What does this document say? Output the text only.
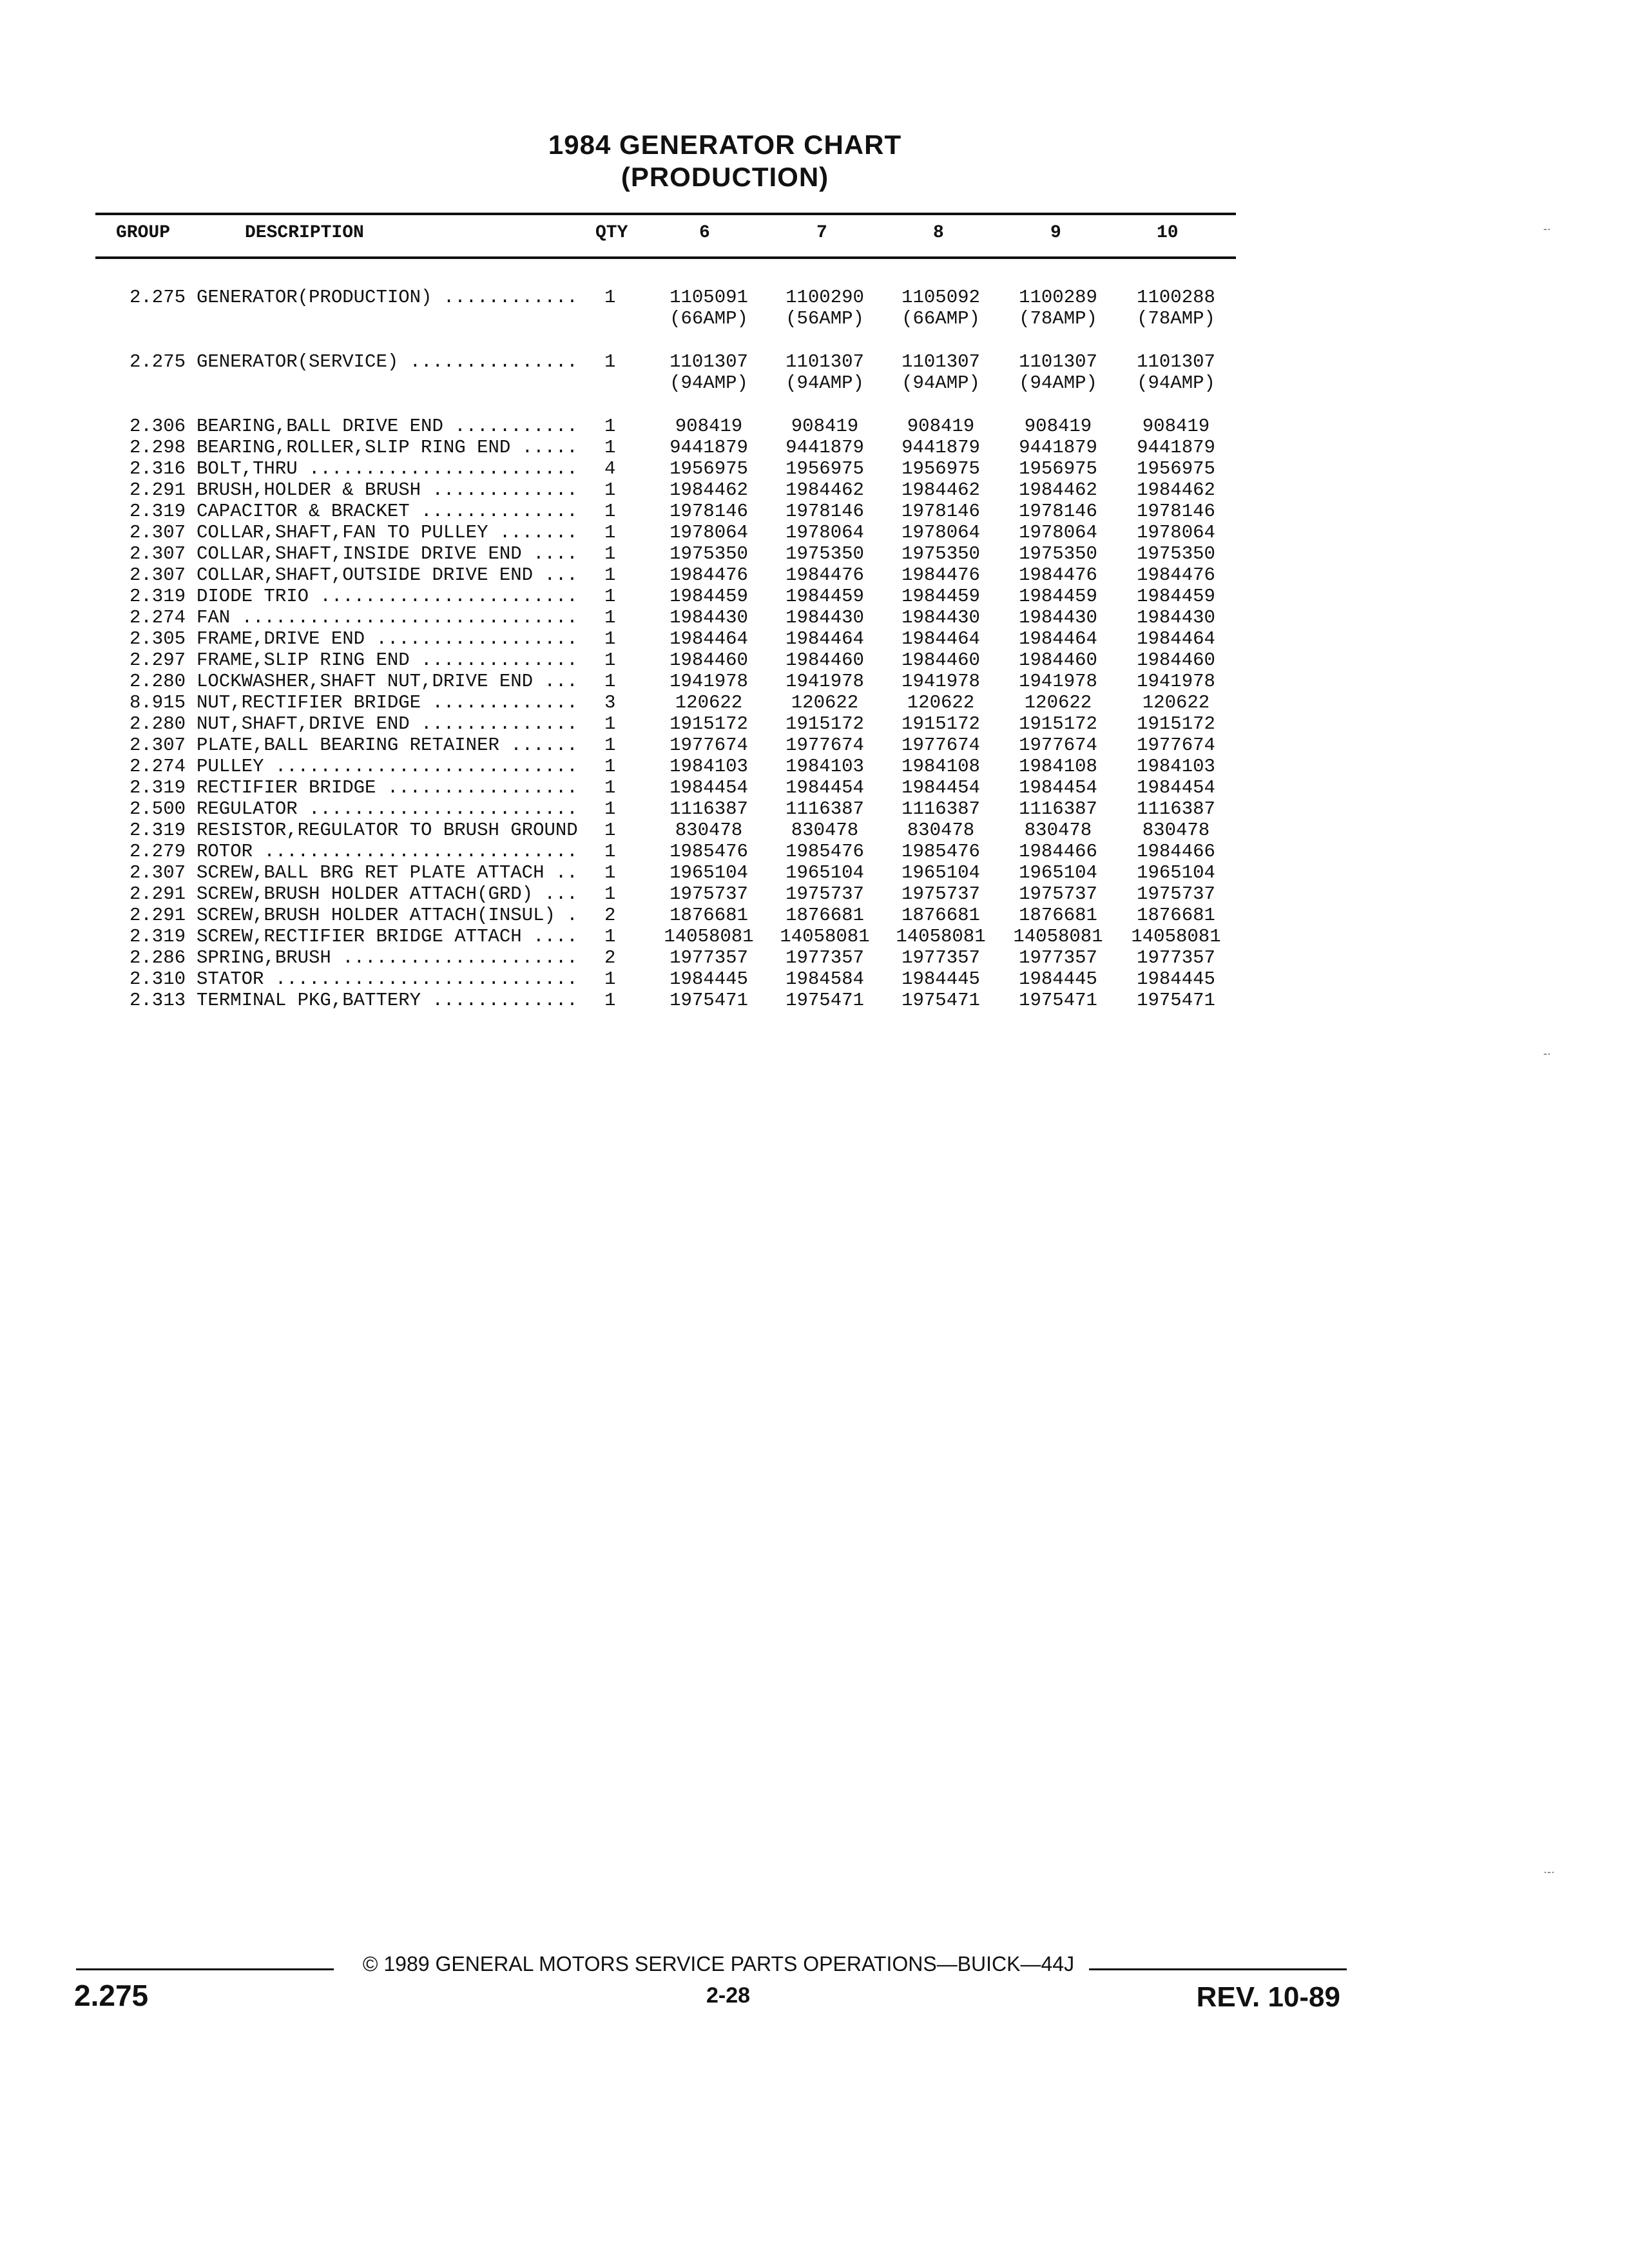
1984 GENERATOR CHART
(PRODUCTION)
GROUP	DESCRIPTION	QTY	6	7	8	9	10
2.275 GENERATOR(PRODUCTION) ............ 1	1105091	1100290	1105092	1100289	1100288
(66AMP)	(56AMP)	(66AMP)	(78AMP)	(78AMP)
2.275 GENERATOR(SERVICE) ............... 1	1101307	1101307	1101307	1101307	1101307
(94AMP)	(94AMP)	(94AMP)	(94AMP)	(94AMP)
2.306 BEARING,BALL DRIVE END ........... 1	908419	908419	908419	908419	908419
2.298 BEARING,ROLLER,SLIP RING END ..... 1	9441879	9441879	9441879	9441879	9441879
2.316 BOLT,THRU ........................ 4	1956975	1956975	1956975	1956975	1956975
2.291 BRUSH,HOLDER & BRUSH ............. 1	1984462	1984462	1984462	1984462	1984462
2.319 CAPACITOR & BRACKET .............. 1	1978146	1978146	1978146	1978146	1978146
2.307 COLLAR,SHAFT,FAN TO PULLEY ....... 1	1978064	1978064	1978064	1978064	1978064
2.307 COLLAR,SHAFT,INSIDE DRIVE END .... 1	1975350	1975350	1975350	1975350	1975350
2.307 COLLAR,SHAFT,OUTSIDE DRIVE END ... 1	1984476	1984476	1984476	1984476	1984476
2.319 DIODE TRIO ....................... 1	1984459	1984459	1984459	1984459	1984459
2.274 FAN .............................. 1	1984430	1984430	1984430	1984430	1984430
2.305 FRAME,DRIVE END .................. 1	1984464	1984464	1984464	1984464	1984464
2.297 FRAME,SLIP RING END .............. 1	1984460	1984460	1984460	1984460	1984460
2.280 LOCKWASHER,SHAFT NUT,DRIVE END ... 1	1941978	1941978	1941978	1941978	1941978
8.915 NUT,RECTIFIER BRIDGE ............. 3	120622	120622	120622	120622	120622
2.280 NUT,SHAFT,DRIVE END .............. 1	1915172	1915172	1915172	1915172	1915172
2.307 PLATE,BALL BEARING RETAINER ...... 1	1977674	1977674	1977674	1977674	1977674
2.274 PULLEY ........................... 1	1984103	1984103	1984108	1984108	1984103
2.319 RECTIFIER BRIDGE ................. 1	1984454	1984454	1984454	1984454	1984454
2.500 REGULATOR ........................ 1	1116387	1116387	1116387	1116387	1116387
2.319 RESISTOR,REGULATOR TO BRUSH GROUND 1	830478	830478	830478	830478	830478
2.279 ROTOR ............................ 1	1985476	1985476	1985476	1984466	1984466
2.307 SCREW,BALL BRG RET PLATE ATTACH .. 1	1965104	1965104	1965104	1965104	1965104
2.291 SCREW,BRUSH HOLDER ATTACH(GRD) ... 1	1975737	1975737	1975737	1975737	1975737
2.291 SCREW,BRUSH HOLDER ATTACH(INSUL) . 2	1876681	1876681	1876681	1876681	1876681
2.319 SCREW,RECTIFIER BRIDGE ATTACH .... 1	14058081	14058081	14058081	14058081	14058081
2.286 SPRING,BRUSH ..................... 2	1977357	1977357	1977357	1977357	1977357
2.310 STATOR ........................... 1	1984445	1984584	1984445	1984445	1984445
2.313 TERMINAL PKG,BATTERY ............. 1	1975471	1975471	1975471	1975471	1975471
© 1989 GENERAL MOTORS SERVICE PARTS OPERATIONS—BUICK—44J
2-28
2.275	REV. 10-89
-·
-·
·-·
